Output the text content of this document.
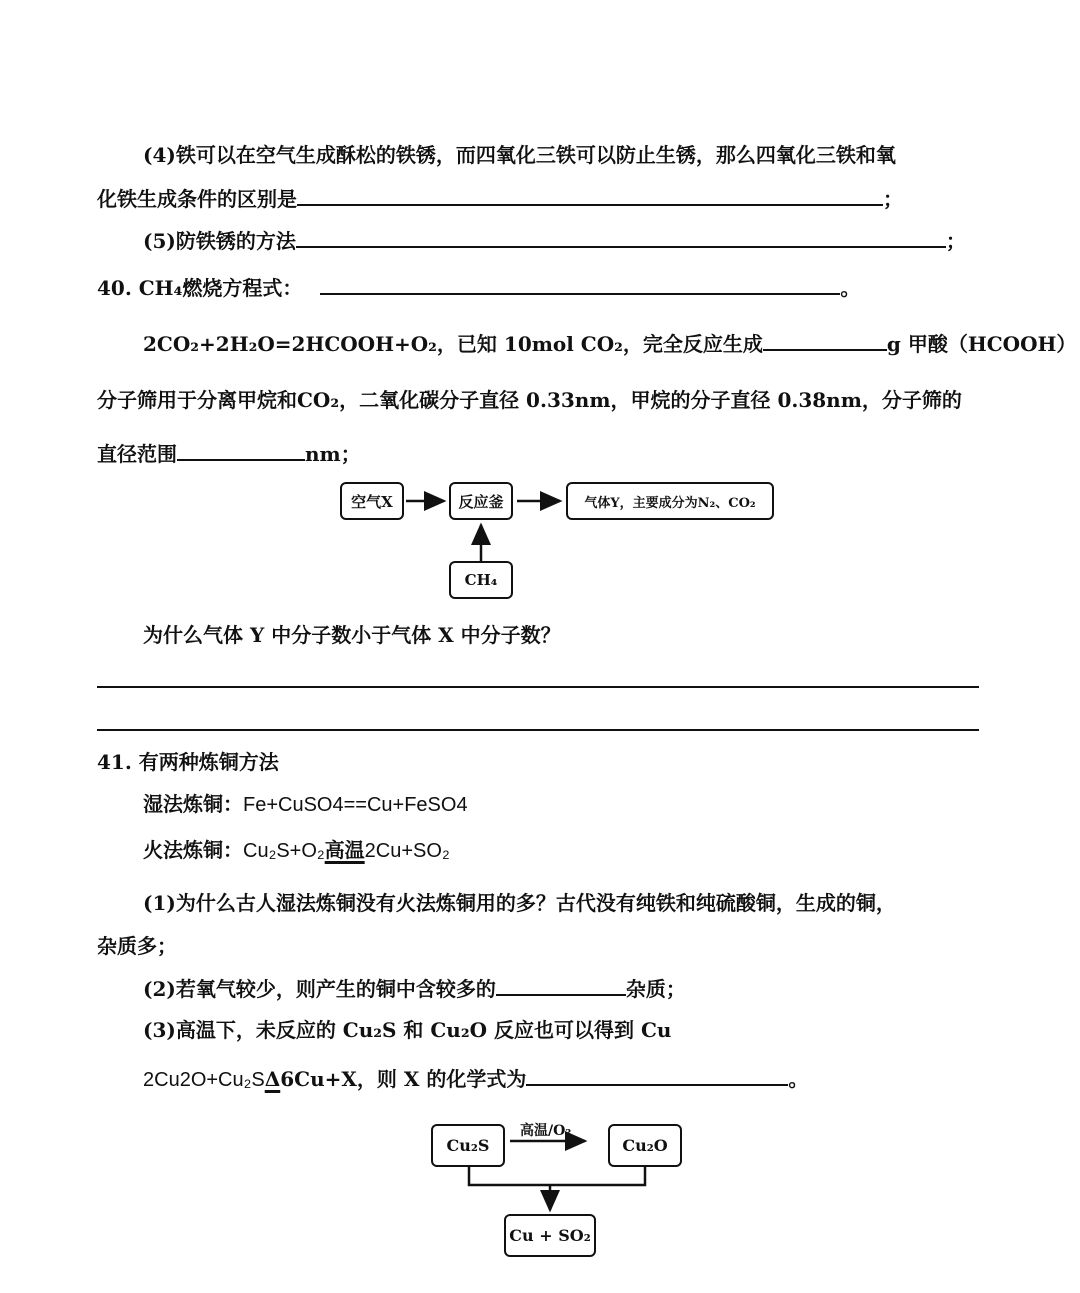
(4)铁可以在空气生成酥松的铁锈，而四氧化三铁可以防止生锈，那么四氧化三铁和氧
化铁生成条件的区别是	；
(5)防铁锈的方法	；
40. CH₄燃烧方程式：	。
2CO₂+2H₂O=2HCOOH+O₂，已知 10mol CO₂，完全反应生成	g 甲酸（HCOOH）
分子筛用于分离甲烷和CO₂，二氧化碳分子直径 0.33nm，甲烷的分子直径 0.38nm，分子筛的
直径范围	nm；
空气X	反应釜	气体Y，主要成分为N₂、CO₂
CH₄
为什么气体 Y 中分子数小于气体 X 中分子数？
41. 有两种炼铜方法
湿法炼铜：Fe+CuSO4==Cu+FeSO4
火法炼铜：Cu₂S+O₂高温2Cu+SO₂
(1)为什么古人湿法炼铜没有火法炼铜用的多？古代没有纯铁和纯硫酸铜，生成的铜，
杂质多；
(2)若氧气较少，则产生的铜中含较多的	杂质；
(3)高温下，未反应的 Cu₂S 和 Cu₂O 反应也可以得到 Cu
2Cu2O+Cu₂SΔ6Cu+X，则 X 的化学式为	。
Cu₂S
高温/O₂
Cu₂O
Cu + SO₂
